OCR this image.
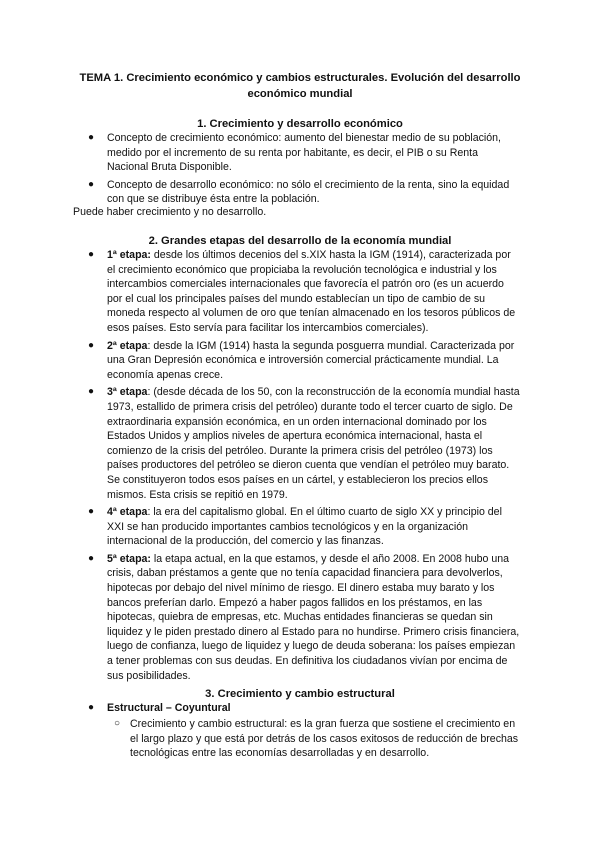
TEMA 1. Crecimiento económico y cambios estructurales. Evolución del desarrollo
económico mundial
1. Crecimiento y desarrollo económico
● Concepto de crecimiento económico: aumento del bienestar medio de su población, medido por el incremento de su renta por habitante, es decir, el PIB o su Renta Nacional Bruta Disponible.
● Concepto de desarrollo económico: no sólo el crecimiento de la renta, sino la equidad con que se distribuye ésta entre la población.
Puede haber crecimiento y no desarrollo.
2. Grandes etapas del desarrollo de la economía mundial
● 1ª etapa: desde los últimos decenios del s.XIX hasta la IGM (1914), caracterizada por el crecimiento económico que propiciaba la revolución tecnológica e industrial y los intercambios comerciales internacionales que favorecía el patrón oro (es un acuerdo por el cual los principales países del mundo establecían un tipo de cambio de su moneda respecto al volumen de oro que tenían almacenado en los tesoros públicos de esos países. Esto servía para facilitar los intercambios comerciales).
● 2ª etapa: desde la IGM (1914) hasta la segunda posguerra mundial. Caracterizada por una Gran Depresión económica e introversión comercial prácticamente mundial. La economía apenas crece.
● 3ª etapa: (desde década de los 50, con la reconstrucción de la economía mundial hasta 1973, estallido de primera crisis del petróleo) durante todo el tercer cuarto de siglo. De extraordinaria expansión económica, en un orden internacional dominado por los Estados Unidos y amplios niveles de apertura económica internacional, hasta el comienzo de la crisis del petróleo. Durante la primera crisis del petróleo (1973) los países productores del petróleo se dieron cuenta que vendían el petróleo muy barato. Se constituyeron todos esos países en un cártel, y establecieron los precios ellos mismos. Esta crisis se repitió en 1979.
● 4ª etapa: la era del capitalismo global. En el último cuarto de siglo XX y principio del XXI se han producido importantes cambios tecnológicos y en la organización internacional de la producción, del comercio y las finanzas.
● 5ª etapa: la etapa actual, en la que estamos, y desde el año 2008. En 2008 hubo una crisis, daban préstamos a gente que no tenía capacidad financiera para devolverlos, hipotecas por debajo del nivel mínimo de riesgo. El dinero estaba muy barato y los bancos preferían darlo. Empezó a haber pagos fallidos en los préstamos, en las hipotecas, quiebra de empresas, etc. Muchas entidades financieras se quedan sin liquidez y le piden prestado dinero al Estado para no hundirse. Primero crisis financiera, luego de confianza, luego de liquidez y luego de deuda soberana: los países empiezan a tener problemas con sus deudas. En definitiva los ciudadanos vivían por encima de sus posibilidades.
3. Crecimiento y cambio estructural
● Estructural – Coyuntural
○ Crecimiento y cambio estructural: es la gran fuerza que sostiene el crecimiento en el largo plazo y que está por detrás de los casos exitosos de reducción de brechas tecnológicas entre las economías desarrolladas y en desarrollo.
